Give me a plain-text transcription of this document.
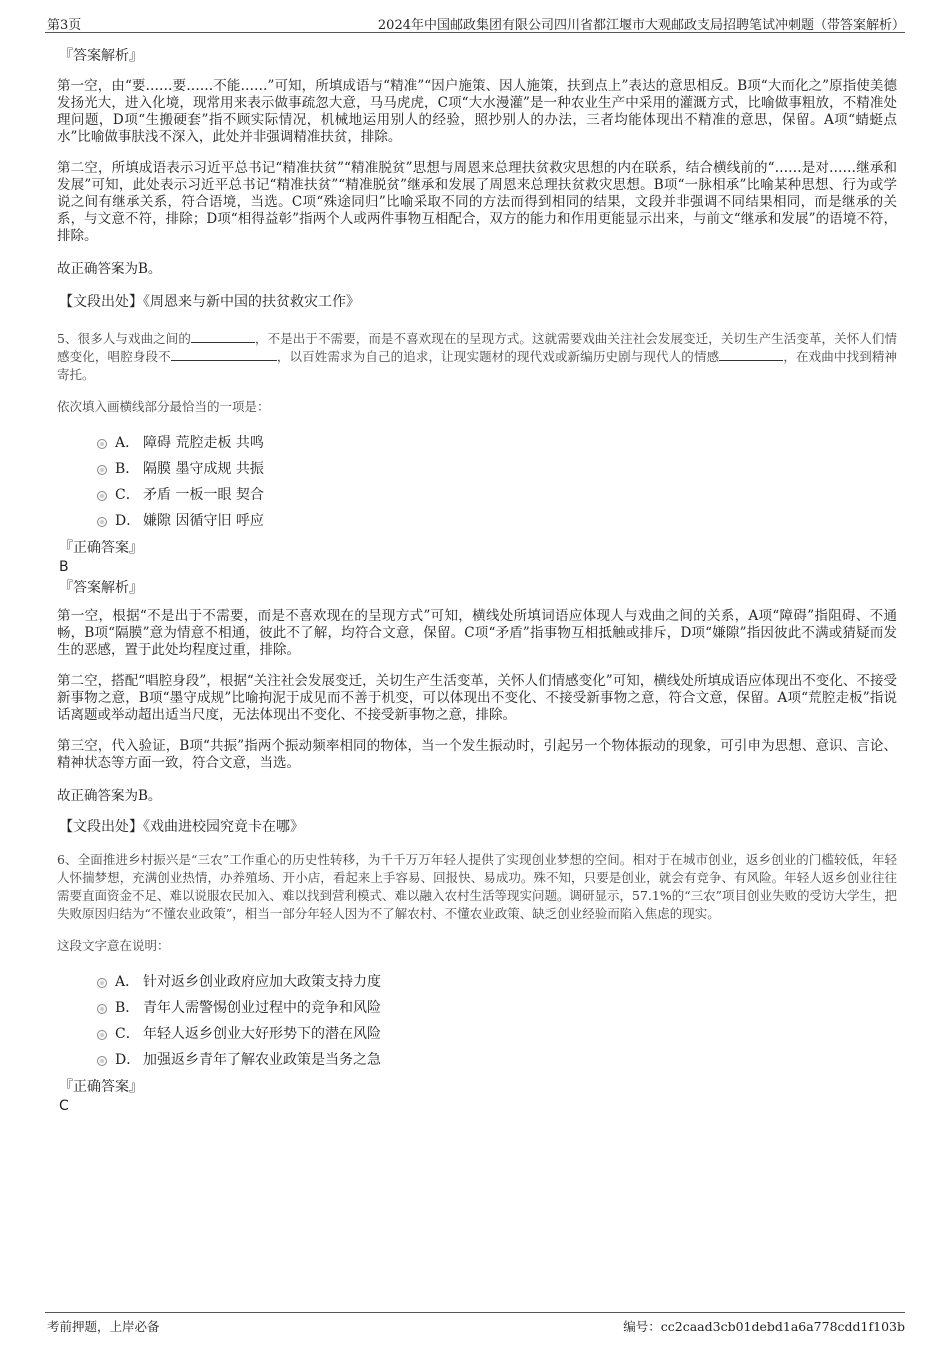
第3页	2024年中国邮政集团有限公司四川省都江堰市大观邮政支局招聘笔试冲刺题（带答案解析）
『答案解析』

第一空，由“要……要……不能……”可知，所填成语与“精准”“因户施策、因人施策，扶到点上”表达的意思相反。B项“大而化之”原指使美德发扬光大，进入化境，现常用来表示做事疏忽大意，马马虎虎，C项“大水漫灌”是一种农业生产中采用的灌溉方式，比喻做事粗放，不精准处理问题，D项“生搬硬套”指不顾实际情况，机械地运用别人的经验，照抄别人的办法，三者均能体现出不精准的意思，保留。A项“蜻蜓点水”比喻做事肤浅不深入，此处并非强调精准扶贫，排除。

第二空，所填成语表示习近平总书记“精准扶贫”“精准脱贫”思想与周恩来总理扶贫救灾思想的内在联系，结合横线前的“……是对……继承和发展”可知，此处表示习近平总书记“精准扶贫”“精准脱贫”继承和发展了周恩来总理扶贫救灾思想。B项“一脉相承”比喻某种思想、行为或学说之间有继承关系，符合语境，当选。C项“殊途同归”比喻采取不同的方法而得到相同的结果，文段并非强调不同结果相同，而是继承的关系，与文意不符，排除；D项“相得益彰”指两个人或两件事物互相配合，双方的能力和作用更能显示出来，与前文“继承和发展”的语境不符，排除。

故正确答案为B。

【文段出处】《周恩来与新中国的扶贫救灾工作》

5、很多人与戏曲之间的	，不是出于不需要，而是不喜欢现在的呈现方式。这就需要戏曲关注社会发展变迁，关切生产生活变革，关怀人们情感变化，唱腔身段不	，以百姓需求为自己的追求，让现实题材的现代戏或新编历史剧与现代人的情感	，在戏曲中找到精神寄托。

依次填入画横线部分最恰当的一项是：

A． 障碍 荒腔走板 共鸣
B． 隔膜 墨守成规 共振
C． 矛盾 一板一眼 契合
D． 嫌隙 因循守旧 呼应
『正确答案』
B
『答案解析』

第一空，根据“不是出于不需要，而是不喜欢现在的呈现方式”可知，横线处所填词语应体现人与戏曲之间的关系，A项“障碍”指阻碍、不通畅，B项“隔膜”意为情意不相通，彼此不了解，均符合文意，保留。C项“矛盾”指事物互相抵触或排斥，D项“嫌隙”指因彼此不满或猜疑而发生的恶感，置于此处均程度过重，排除。

第二空，搭配“唱腔身段”，根据“关注社会发展变迁，关切生产生活变革，关怀人们情感变化”可知，横线处所填成语应体现出不变化、不接受新事物之意，B项“墨守成规”比喻拘泥于成见而不善于机变，可以体现出不变化、不接受新事物之意，符合文意，保留。A项“荒腔走板”指说话离题或举动超出适当尺度，无法体现出不变化、不接受新事物之意，排除。

第三空，代入验证，B项“共振”指两个振动频率相同的物体，当一个发生振动时，引起另一个物体振动的现象，可引申为思想、意识、言论、精神状态等方面一致，符合文意，当选。

故正确答案为B。

【文段出处】《戏曲进校园究竟卡在哪》

6、全面推进乡村振兴是“三农”工作重心的历史性转移，为千千万万年轻人提供了实现创业梦想的空间。相对于在城市创业，返乡创业的门槛较低，年轻人怀揣梦想，充满创业热情，办养殖场、开小店，看起来上手容易、回报快、易成功。殊不知，只要是创业，就会有竞争、有风险。年轻人返乡创业往往需要直面资金不足、难以说服农民加入、难以找到营利模式、难以融入农村生活等现实问题。调研显示，57.1%的“三农”项目创业失败的受访大学生，把失败原因归结为“不懂农业政策”，相当一部分年轻人因为不了解农村、不懂农业政策、缺乏创业经验而陷入焦虑的现实。

这段文字意在说明：

A． 针对返乡创业政府应加大政策支持力度
B． 青年人需警惕创业过程中的竞争和风险
C． 年轻人返乡创业大好形势下的潜在风险
D． 加强返乡青年了解农业政策是当务之急
『正确答案』
C
考前押题，上岸必备	编号：cc2caad3cb01debd1a6a778cdd1f103b
